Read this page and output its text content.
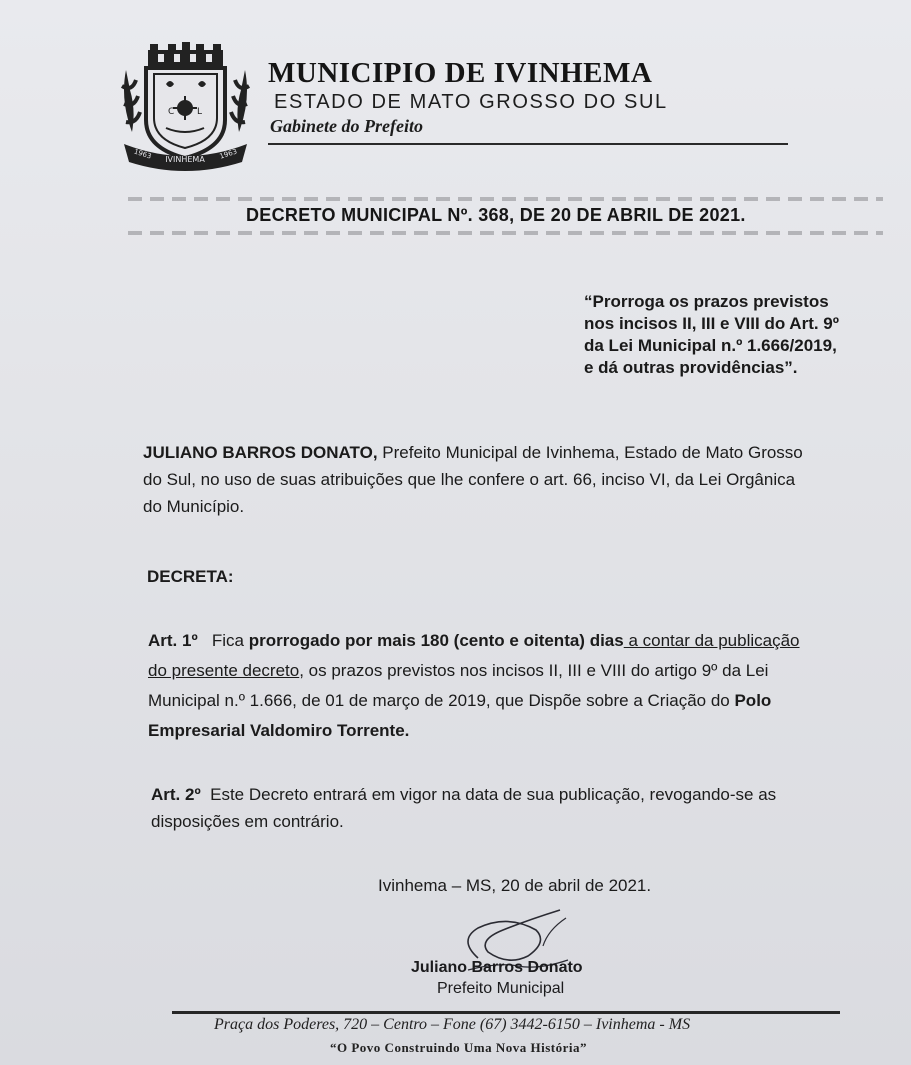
C	L
IVINHEMA
1963	1963
MUNICIPIO DE IVINHEMA
ESTADO DE MATO GROSSO DO SUL
Gabinete do Prefeito
DECRETO MUNICIPAL Nº. 368, DE 20 DE ABRIL DE 2021.
“Prorroga os prazos previstos
nos incisos II, III e VIII do Art. 9º
da Lei Municipal n.º 1.666/2019,
e dá outras providências”.
JULIANO BARROS DONATO, Prefeito Municipal de Ivinhema, Estado de Mato Grosso
do Sul, no uso de suas atribuições que lhe confere o art. 66, inciso VI, da Lei Orgânica
do Município.
DECRETA:
Art. 1º Fica prorrogado por mais 180 (cento e oitenta) dias a contar da publicação
do presente decreto, os prazos previstos nos incisos II, III e VIII do artigo 9º da Lei
Municipal n.º 1.666, de 01 de março de 2019, que Dispõe sobre a Criação do Polo
Empresarial Valdomiro Torrente.
Art. 2º Este Decreto entrará em vigor na data de sua publicação, revogando-se as
disposições em contrário.
Ivinhema – MS, 20 de abril de 2021.
Juliano Barros Donato
Prefeito Municipal
Praça dos Poderes, 720 – Centro – Fone (67) 3442-6150 – Ivinhema - MS
“O Povo Construindo Uma Nova História”
